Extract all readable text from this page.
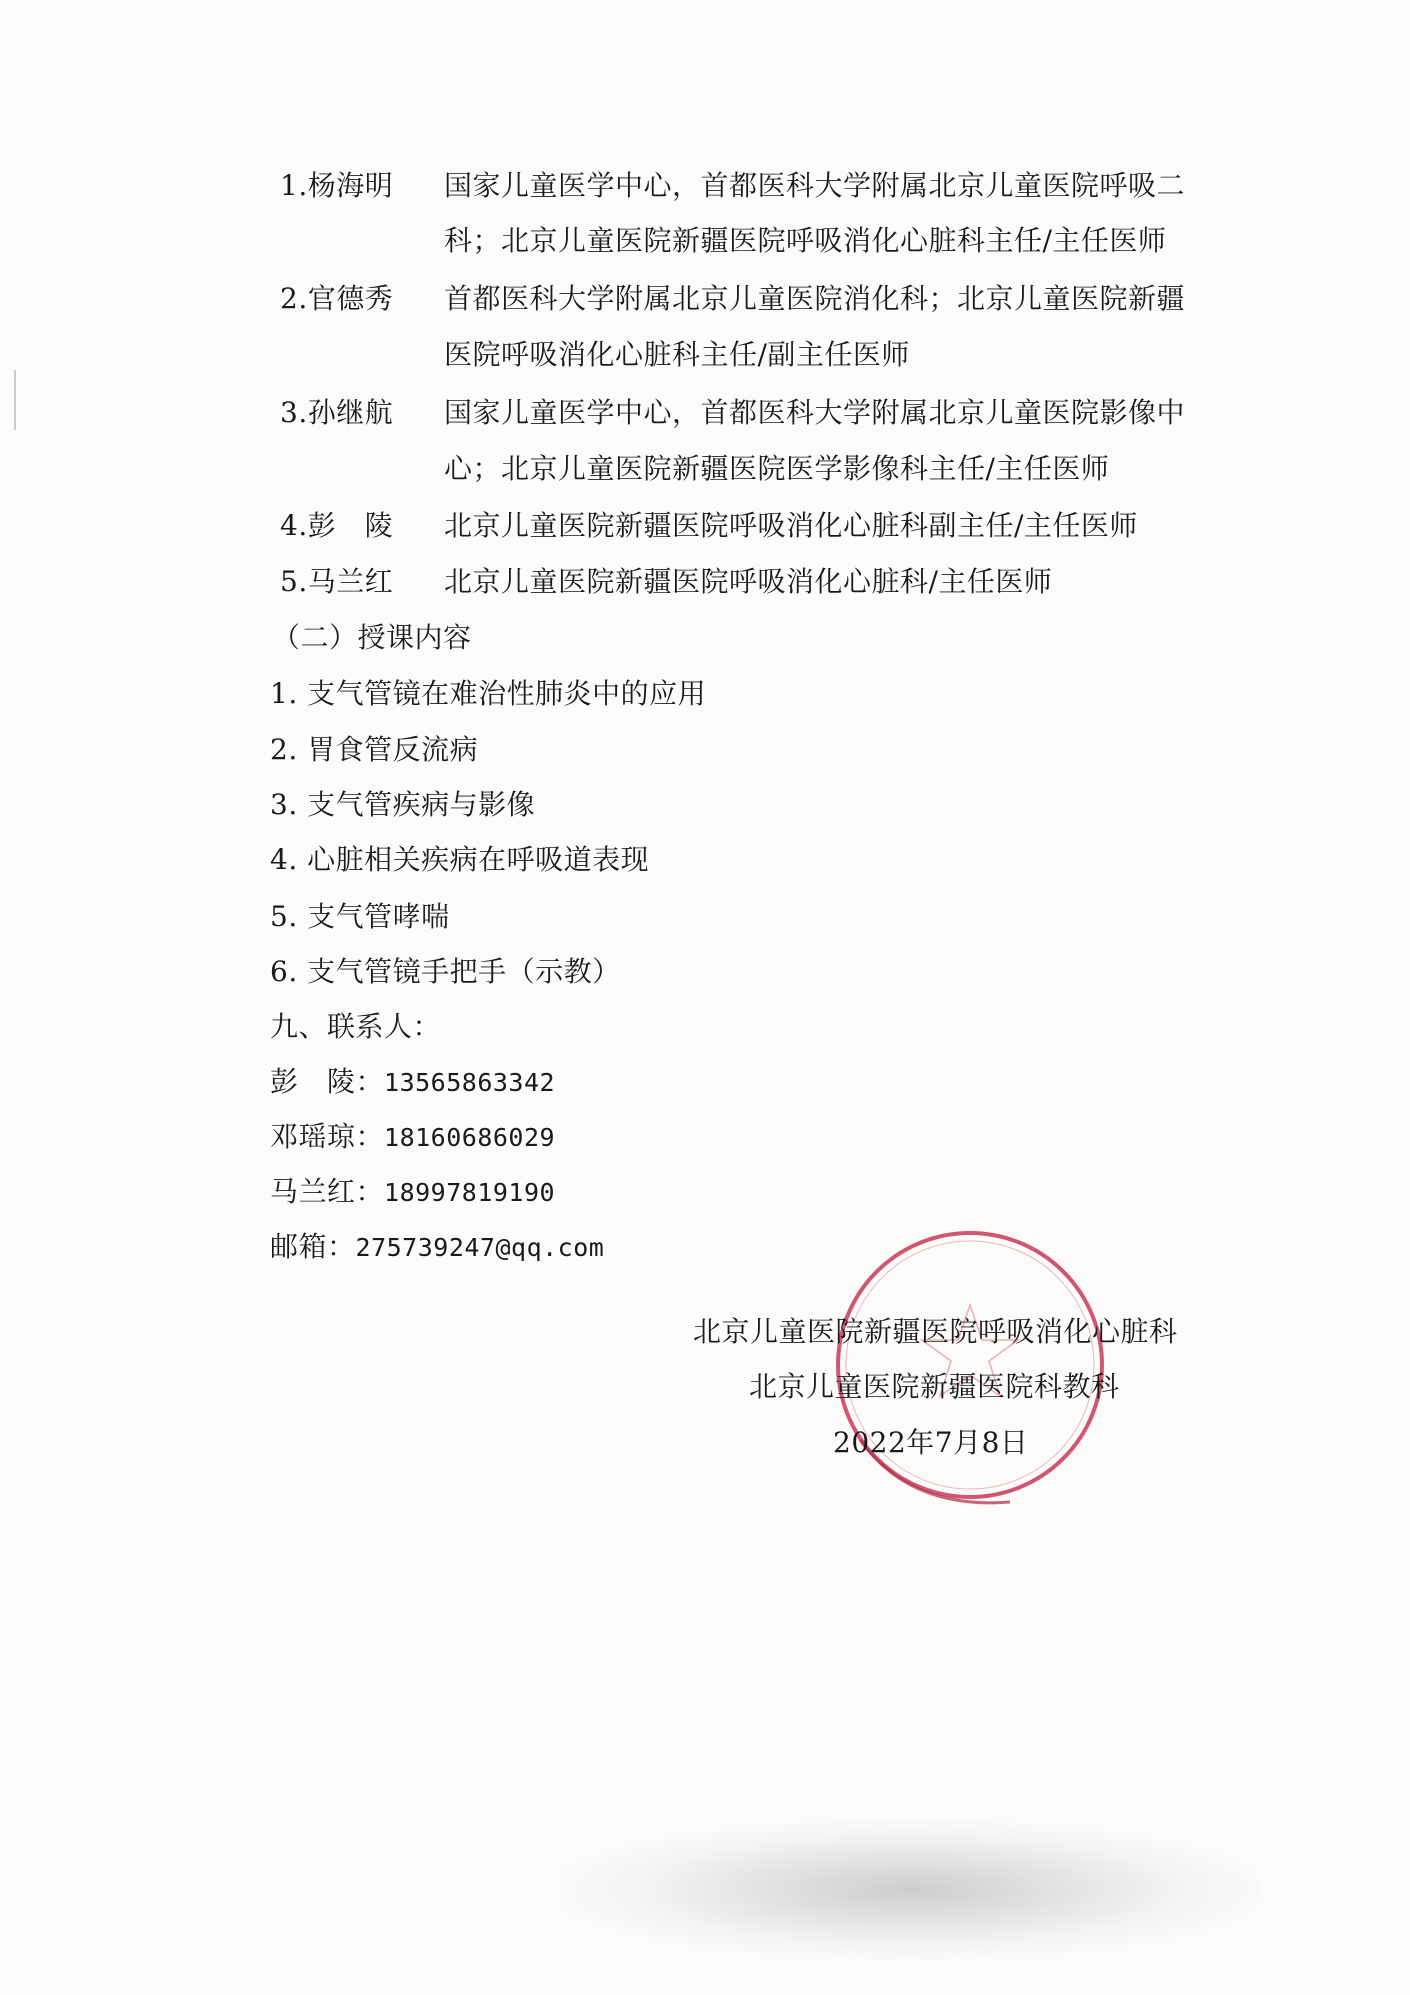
1.杨海明 国家儿童医学中心，首都医科大学附属北京儿童医院呼吸二
科；北京儿童医院新疆医院呼吸消化心脏科主任/主任医师
2.官德秀 首都医科大学附属北京儿童医院消化科；北京儿童医院新疆
医院呼吸消化心脏科主任/副主任医师
3.孙继航 国家儿童医学中心，首都医科大学附属北京儿童医院影像中
心；北京儿童医院新疆医院医学影像科主任/主任医师
4.彭　陵 北京儿童医院新疆医院呼吸消化心脏科副主任/主任医师
5.马兰红 北京儿童医院新疆医院呼吸消化心脏科/主任医师
（二）授课内容
1. 支气管镜在难治性肺炎中的应用
2. 胃食管反流病
3. 支气管疾病与影像
4. 心脏相关疾病在呼吸道表现
5. 支气管哮喘
6. 支气管镜手把手（示教）
九、联系人：
彭　陵：13565863342
邓瑶琼：18160686029
马兰红：18997819190
邮箱：275739247@qq.com
北京儿童医院新疆医院呼吸消化心脏科
北京儿童医院新疆医院科教科
2022年7月8日
